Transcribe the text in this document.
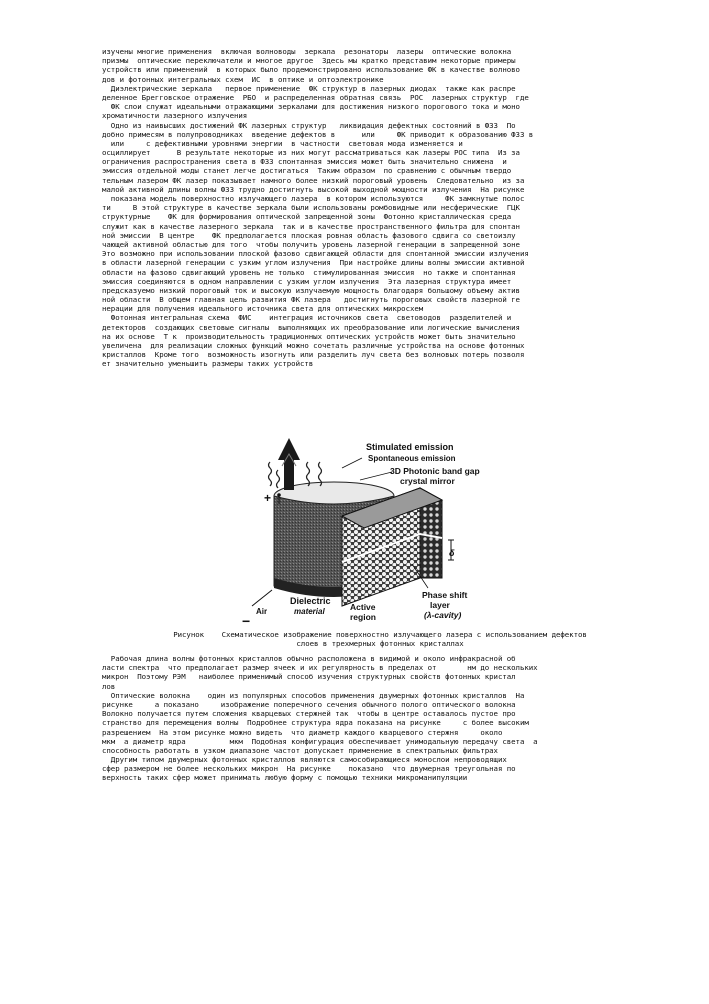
изучены многие применения  включая волноводы  зеркала  резонаторы  лазеры  оптические волокна
призмы  оптические переключатели и многое другое  Здесь мы кратко представим некоторые примеры
устройств или применений  в которых было продемонстрировано использование ФК в качестве волново
дов и фотонных интегральных схем  ИС  в оптике и оптоэлектронике
Диэлектрические зеркала   первое применение  ФК структур в лазерных диодах  также как распре
деленное Брегговское отражение  РБО  и распределенная обратная связь  РОС  лазерных структур  где
ФК слои служат идеальными отражающими зеркалами для достижения низкого порогового тока и моно
хроматичности лазерного излучения
Одно из наивысших достижений ФК лазерных структур   ликвидация дефектных состояний в ФЗЗ  По
добно примесям в полупроводниках  введение дефектов в      или     ФК приводит к образованию ФЗЗ в
или     с дефективными уровнями энергии  в частности  световая мода изменяется и
осциллирует      В результате некоторые из них могут рассматриваться как лазеры РОС типа  Из за
ограничения распространения света в ФЗЗ спонтанная эмиссия может быть значительно снижена  и
эмиссия отдельной моды станет легче достигаться  Таким образом  по сравнению с обычным твердо
тельным лазером ФК лазер показывает намного более низкий пороговый уровень  Следовательно  из за
малой активной длины волны ФЗЗ трудно достигнуть высокой выходной мощности излучения  На рисунке
показана модель поверхностно излучающего лазера  в котором используются     ФК замкнутые полос
ти     В этой структуре в качестве зеркала были использованы ромбовидные или несферические  ГЦК
структурные    ФК для формирования оптической запрещенной зоны  Фотонно кристаллическая среда
служит как в качестве лазерного зеркала  так и в качестве пространственного фильтра для спонтан
ной эмиссии  В центре    ФК предполагается плоская ровная область фазового сдвига со светоизлу
чающей активной областью для того  чтобы получить уровень лазерной генерации в запрещенной зоне
Это возможно при использовании плоской фазово сдвигающей области для спонтанной эмиссии излучения
в области лазерной генерации с узким углом излучения  При настройке длины волны эмиссии активной
области на фазово сдвигающий уровень не только  стимулированная эмиссия  но также и спонтанная
эмиссия соединяются в одном направлении с узким углом излучения  Эта лазерная структура имеет
предсказуемо низкий пороговый ток и высокую излучаемую мощность благодаря большому объему актив
ной области  В общем главная цель развития ФК лазера   достигнуть пороговых свойств лазерной ге
нерации для получения идеального источника света для оптических микросхем
Фотонная интегральная схема  ФИС    интеграция источников света  световодов  разделителей и
детекторов  создающих световые сигналы  выполняющих их преобразование или логические вычисления
на их основе  Т к  производительность традиционных оптических устройств может быть значительно
увеличена  для реализации сложных функций можно сочетать различные устройства на основе фотонных
кристаллов  Кроме того  возможность изогнуть или разделить луч света без волновых потерь позволя
ет значительно уменьшить размеры таких устройств
+
−
δ
Stimulated emission
Spontaneous emission
3D Photonic band gap
crystal mirror
Air
Dielectric
material	Active
region
Phase shift
layer
(λ-cavity)
Рисунок    Схематическое изображение поверхностно излучающего лазера с использованием дефектов
слоев в трехмерных фотонных кристаллах
Рабочая длина волны фотонных кристаллов обычно расположена в видимой и около инфракрасной об
ласти спектра  что предполагает размер ячеек и их регулярность в пределах от       нм до нескольких
микрон  Поэтому РЭМ   наиболее применимый способ изучения структурных свойств фотонных кристал
лов
Оптические волокна    один из популярных способов применения двумерных фотонных кристаллов  На
рисунке     а показано     изображение поперечного сечения обычного полого оптического волокна
Волокно получается путем сложения кварцевых стержней так  чтобы в центре оставалось пустое про
странство для перемещения волны  Подробнее структура ядра показана на рисунке     с более высоким
разрешением  На этом рисунке можно видеть  что диаметр каждого кварцевого стержня     около
мкм  а диаметр ядра          мкм  Подобная конфигурация обеспечивает унимодальную передачу света  а
способность работать в узком диапазоне частот допускает применение в спектральных фильтрах
Другим типом двумерных фотонных кристаллов являются самособирающиеся монослои непроводящих
сфер размером не более нескольких микрон  На рисунке    показано  что двумерная треугольная по
верхность таких сфер может принимать любую форму с помощью техники микроманипуляции
